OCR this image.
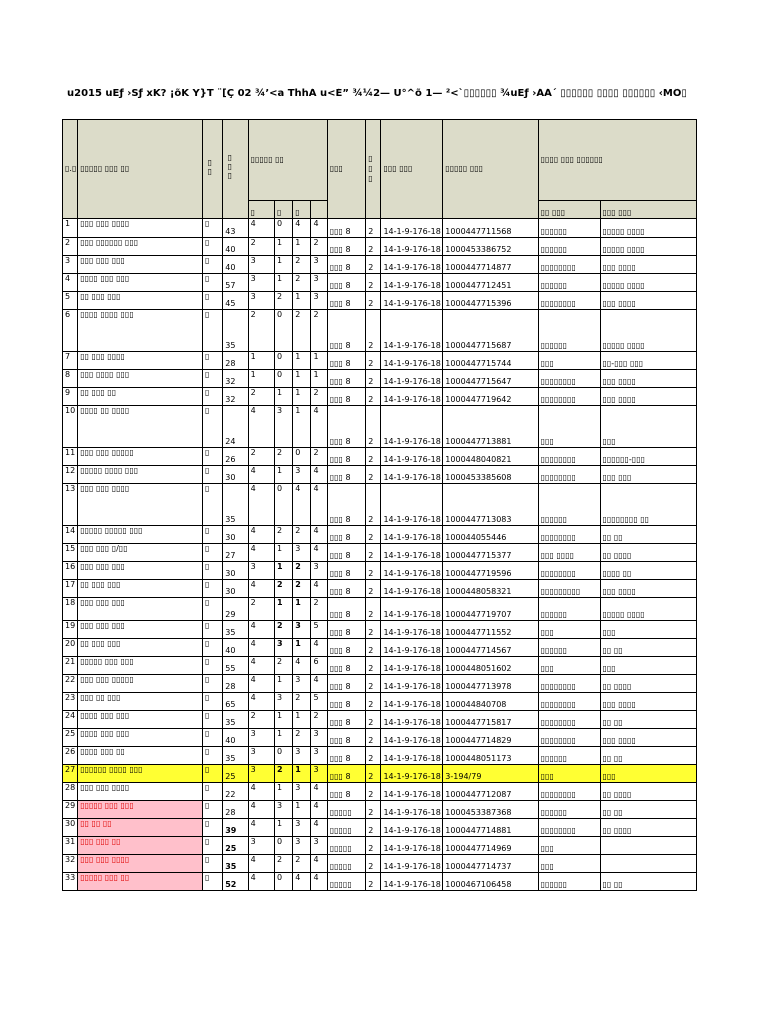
u2015 uЁƒ ›Sƒ xK? ¡õK Ÿ}T ¨[Ç 02 ¾’<a ThhÁ u<É” ¾¼2— U°^õ 1— ²<`▯▯▯▯▯▯ ¾uЁƒ ›ÁÁ´ ▯▯▯▯▯▯ ▯▯▯▯ ▯▯▯▯▯▯ ‹MÕ▯
▯.▯	▯▯▯▯▯ ▯▯▯ ▯▯	▯▯	▯▯▯	▯▯▯▯▯ ▯▯				▯▯▯	▯ ▯ ▯	▯▯▯ ▯▯▯	▯▯▯▯▯ ▯▯▯	▯▯▯▯ ▯▯▯ ▯▯▯▯▯▯	
				▯	▯	▯						▯▯ ▯▯▯	▯▯▯ ▯▯▯
1	▯▯▯ ▯▯▯ ▯▯▯▯	▯	43	4	0	4	4	▯▯▯ 8	2	14-1-9-176-18	1000447711568	▯▯▯▯▯▯	▯▯▯▯▯ ▯▯▯▯
2	▯▯▯ ▯▯▯▯▯▯ ▯▯▯	▯	40	2	1	1	2	▯▯▯ 8	2	14-1-9-176-18	1000453386752	▯▯▯▯▯▯	▯▯▯▯▯ ▯▯▯▯
3	▯▯▯ ▯▯▯ ▯▯▯	▯	40	3	1	2	3	▯▯▯ 8	2	14-1-9-176-18	1000447714877	▯▯▯▯▯▯▯▯	▯▯▯ ▯▯▯▯
4	▯▯▯▯ ▯▯▯ ▯▯▯	▯	57	3	1	2	3	▯▯▯ 8	2	14-1-9-176-18	1000447712451	▯▯▯▯▯▯	▯▯▯▯▯ ▯▯▯▯
5	▯▯ ▯▯▯ ▯▯▯	▯	45	3	2	1	3	▯▯▯ 8	2	14-1-9-176-18	1000447715396	▯▯▯▯▯▯▯▯	▯▯▯ ▯▯▯▯
6	▯▯▯▯ ▯▯▯▯ ▯▯▯	▯	35	2	0	2	2	▯▯▯ 8	2	14-1-9-176-18	1000447715687	▯▯▯▯▯▯	▯▯▯▯▯ ▯▯▯▯
7	▯▯ ▯▯▯ ▯▯▯▯	▯	28	1	0	1	1	▯▯▯ 8	2	14-1-9-176-18	1000447715744	▯▯▯	▯▯-▯▯▯ ▯▯▯
8	▯▯▯ ▯▯▯▯ ▯▯▯	▯	32	1	0	1	1	▯▯▯ 8	2	14-1-9-176-18	1000447715647	▯▯▯▯▯▯▯▯	▯▯▯ ▯▯▯▯
9	▯▯ ▯▯▯ ▯▯	▯	32	2	1	1	2	▯▯▯ 8	2	14-1-9-176-18	1000447719642	▯▯▯▯▯▯▯▯	▯▯▯ ▯▯▯▯
10	▯▯▯▯ ▯▯ ▯▯▯▯	▯	24	4	3	1	4	▯▯▯ 8	2	14-1-9-176-18	1000447713881	▯▯▯	▯▯▯
11	▯▯▯ ▯▯▯ ▯▯▯▯▯	▯	26	2	2	0	2	▯▯▯ 8	2	14-1-9-176-18	1000448040821	▯▯▯▯▯▯▯▯	▯▯▯▯▯▯-▯▯▯
12	▯▯▯▯▯ ▯▯▯▯ ▯▯▯	▯	30	4	1	3	4	▯▯▯ 8	2	14-1-9-176-18	1000453385608	▯▯▯▯▯▯▯▯	▯▯▯ ▯▯▯
13	▯▯▯ ▯▯▯ ▯▯▯▯	▯	35	4	0	4	4	▯▯▯ 8	2	14-1-9-176-18	1000447713083	▯▯▯▯▯▯	▯▯▯▯▯▯▯▯ ▯▯
14	▯▯▯▯▯ ▯▯▯▯▯ ▯▯▯	▯	30	4	2	2	4	▯▯▯ 8	2	14-1-9-176-18	100044055446	▯▯▯▯▯▯▯▯	▯▯ ▯▯
15	▯▯▯ ▯▯▯ ▯/▯▯	▯	27	4	1	3	4	▯▯▯ 8	2	14-1-9-176-18	1000447715377	▯▯▯ ▯▯▯▯	▯▯ ▯▯▯▯
16	▯▯▯ ▯▯▯ ▯▯▯	▯	30	3	1	2	3	▯▯▯ 8	2	14-1-9-176-18	1000447719596	▯▯▯▯▯▯▯▯	▯▯▯▯ ▯▯
17	▯▯ ▯▯▯ ▯▯▯	▯	30	4	2	2	4	▯▯▯ 8	2	14-1-9-176-18	1000448058321	▯▯▯▯▯▯▯▯▯	▯▯▯ ▯▯▯▯
18	▯▯▯ ▯▯▯ ▯▯▯	▯	29	2	1	1	2	▯▯▯ 8	2	14-1-9-176-18	1000447719707	▯▯▯▯▯▯	▯▯▯▯▯ ▯▯▯▯
19	▯▯▯ ▯▯▯ ▯▯▯	▯	35	4	2	3	5	▯▯▯ 8	2	14-1-9-176-18	1000447711552	▯▯▯	▯▯▯
20	▯▯ ▯▯▯ ▯▯▯	▯	40	4	3	1	4	▯▯▯ 8	2	14-1-9-176-18	1000447714567	▯▯▯▯▯▯	▯▯ ▯▯
21	▯▯▯▯▯ ▯▯▯ ▯▯▯	▯	55	4	2	4	6	▯▯▯ 8	2	14-1-9-176-18	1000448051602	▯▯▯	▯▯▯
22	▯▯▯ ▯▯▯ ▯▯▯▯▯	▯	28	4	1	3	4	▯▯▯ 8	2	14-1-9-176-18	1000447713978	▯▯▯▯▯▯▯▯	▯▯ ▯▯▯▯
23	▯▯▯ ▯▯ ▯▯▯	▯	65	4	3	2	5	▯▯▯ 8	2	14-1-9-176-18	100044840708	▯▯▯▯▯▯▯▯	▯▯▯ ▯▯▯▯
24	▯▯▯▯ ▯▯▯ ▯▯▯	▯	35	2	1	1	2	▯▯▯ 8	2	14-1-9-176-18	1000447715817	▯▯▯▯▯▯▯▯	▯▯ ▯▯
25	▯▯▯▯ ▯▯▯ ▯▯▯	▯	40	3	1	2	3	▯▯▯ 8	2	14-1-9-176-18	1000447714829	▯▯▯▯▯▯▯▯	▯▯▯ ▯▯▯▯
26	▯▯▯▯ ▯▯▯ ▯▯	▯	35	3	0	3	3	▯▯▯ 8	2	14-1-9-176-18	1000448051173	▯▯▯▯▯▯	▯▯ ▯▯
27	▯▯▯▯▯▯ ▯▯▯▯ ▯▯▯	▯	25	3	2	1	3	▯▯▯ 8	2	14-1-9-176-18	3-194/79	▯▯▯	▯▯▯
28	▯▯▯ ▯▯▯ ▯▯▯▯	▯	22	4	1	3	4	▯▯▯ 8	2	14-1-9-176-18	1000447712087	▯▯▯▯▯▯▯▯	▯▯ ▯▯▯▯
29	▯▯▯▯▯ ▯▯▯ ▯▯▯	▯	28	4	3	1	4	▯▯▯▯▯	2	14-1-9-176-18	1000453387368	▯▯▯▯▯▯	▯▯ ▯▯
30	▯▯ ▯▯ ▯▯	▯	39	4	1	3	4	▯▯▯▯▯	2	14-1-9-176-18	1000447714881	▯▯▯▯▯▯▯▯	▯▯ ▯▯▯▯
31	▯▯▯ ▯▯▯ ▯▯	▯	25	3	0	3	3	▯▯▯▯▯	2	14-1-9-176-18	1000447714969	▯▯▯	
32	▯▯▯ ▯▯▯ ▯▯▯▯	▯	35	4	2	2	4	▯▯▯▯▯	2	14-1-9-176-18	1000447714737	▯▯▯	
33	▯▯▯▯▯ ▯▯▯ ▯▯	▯	52	4	0	4	4	▯▯▯▯▯	2	14-1-9-176-18	1000467106458	▯▯▯▯▯▯	▯▯ ▯▯
